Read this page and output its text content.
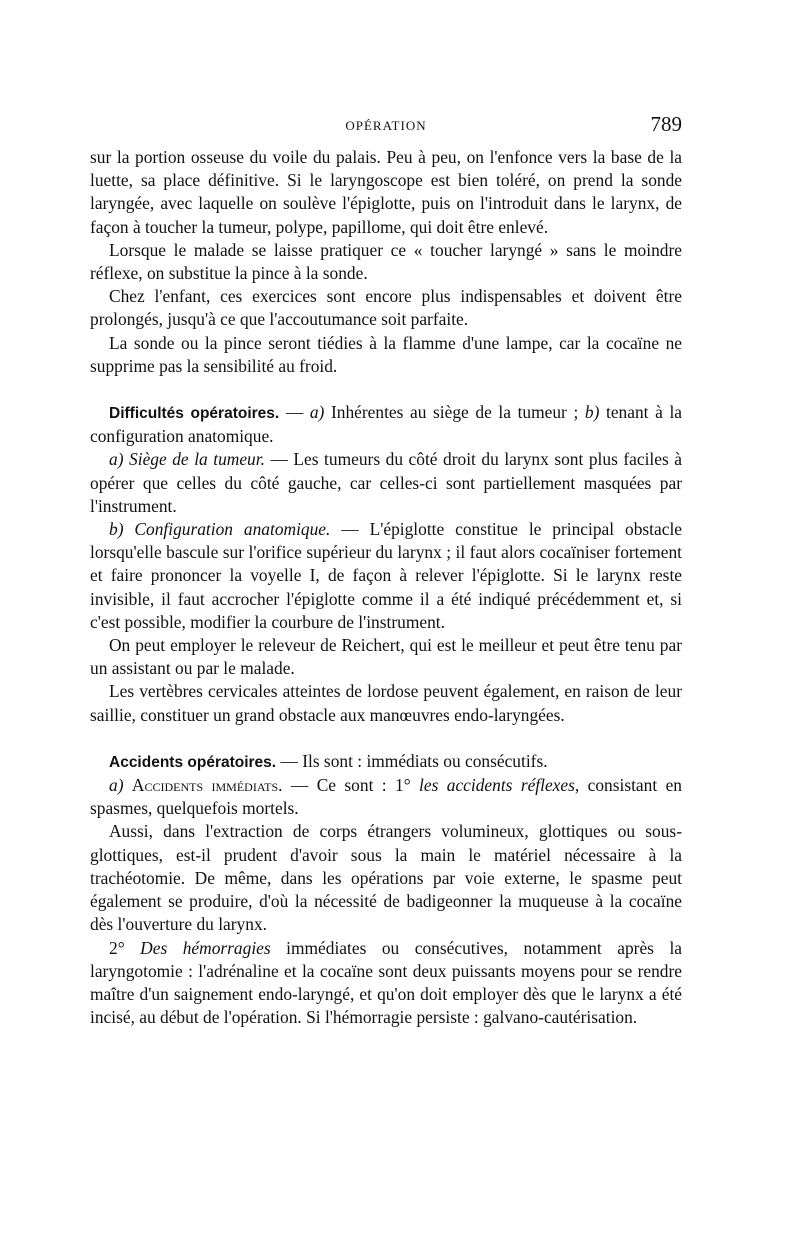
OPÉRATION	789

sur la portion osseuse du voile du palais. Peu à peu, on l'enfonce vers la base de la luette, sa place définitive. Si le laryngoscope est bien toléré, on prend la sonde laryngée, avec laquelle on soulève l'épiglotte, puis on l'introduit dans le larynx, de façon à toucher la tumeur, polype, papillome, qui doit être enlevé.

Lorsque le malade se laisse pratiquer ce « toucher laryngé » sans le moindre réflexe, on substitue la pince à la sonde.

Chez l'enfant, ces exercices sont encore plus indispensables et doivent être prolongés, jusqu'à ce que l'accoutumance soit parfaite.

La sonde ou la pince seront tiédies à la flamme d'une lampe, car la cocaïne ne supprime pas la sensibilité au froid.

Difficultés opératoires. — a) Inhérentes au siège de la tumeur ; b) tenant à la configuration anatomique.

a) Siège de la tumeur. — Les tumeurs du côté droit du larynx sont plus faciles à opérer que celles du côté gauche, car celles-ci sont partiellement masquées par l'instrument.

b) Configuration anatomique. — L'épiglotte constitue le principal obstacle lorsqu'elle bascule sur l'orifice supérieur du larynx ; il faut alors cocaïniser fortement et faire prononcer la voyelle I, de façon à relever l'épiglotte. Si le larynx reste invisible, il faut accrocher l'épiglotte comme il a été indiqué précédemment et, si c'est possible, modifier la courbure de l'instrument.

On peut employer le releveur de Reichert, qui est le meilleur et peut être tenu par un assistant ou par le malade.

Les vertèbres cervicales atteintes de lordose peuvent également, en raison de leur saillie, constituer un grand obstacle aux manœuvres endo-laryngées.

Accidents opératoires. — Ils sont : immédiats ou consécutifs.

a) Accidents immédiats. — Ce sont : 1° les accidents réflexes, consistant en spasmes, quelquefois mortels.

Aussi, dans l'extraction de corps étrangers volumineux, glottiques ou sous-glottiques, est-il prudent d'avoir sous la main le matériel nécessaire à la trachéotomie. De même, dans les opérations par voie externe, le spasme peut également se produire, d'où la nécessité de badigeonner la muqueuse à la cocaïne dès l'ouverture du larynx.

2° Des hémorragies immédiates ou consécutives, notamment après la laryngotomie : l'adrénaline et la cocaïne sont deux puissants moyens pour se rendre maître d'un saignement endo-laryngé, et qu'on doit employer dès que le larynx a été incisé, au début de l'opération. Si l'hémorragie persiste : galvano-cautérisation.
